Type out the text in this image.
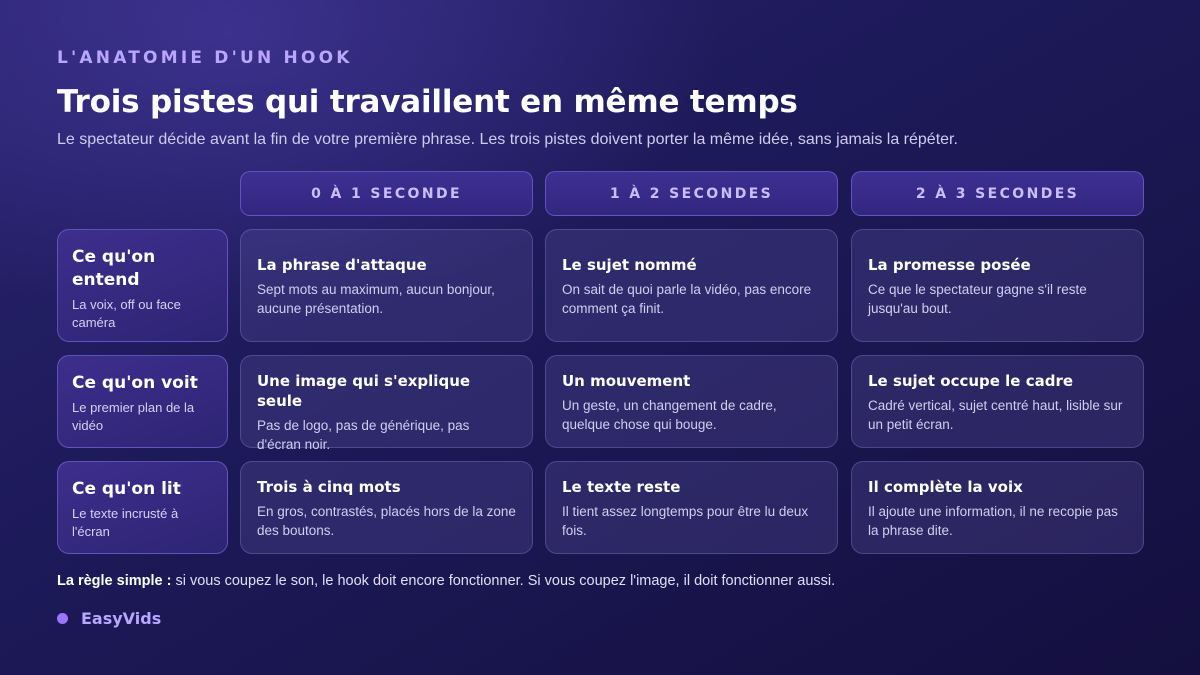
L'ANATOMIE D'UN HOOK
Trois pistes qui travaillent en même temps

Le spectateur décide avant la fin de votre première phrase. Les trois pistes doivent porter la même idée, sans jamais la répéter.

0 À 1 SECONDE	1 À 2 SECONDES	2 À 3 SECONDES
Ce qu'on entend
La voix, off ou face caméra
La phrase d'attaque
Sept mots au maximum, aucun bonjour, aucune présentation.
Le sujet nommé
On sait de quoi parle la vidéo, pas encore comment ça finit.
La promesse posée
Ce que le spectateur gagne s'il reste jusqu'au bout.
Ce qu'on voit
Le premier plan de la vidéo
Une image qui s'explique seule
Pas de logo, pas de générique, pas d'écran noir.
Un mouvement
Un geste, un changement de cadre, quelque chose qui bouge.
Le sujet occupe le cadre
Cadré vertical, sujet centré haut, lisible sur un petit écran.
Ce qu'on lit
Le texte incrusté à l'écran
Trois à cinq mots
En gros, contrastés, placés hors de la zone des boutons.
Le texte reste
Il tient assez longtemps pour être lu deux fois.
Il complète la voix
Il ajoute une information, il ne recopie pas la phrase dite.

La règle simple : si vous coupez le son, le hook doit encore fonctionner. Si vous coupez l'image, il doit fonctionner aussi.

EasyVids
